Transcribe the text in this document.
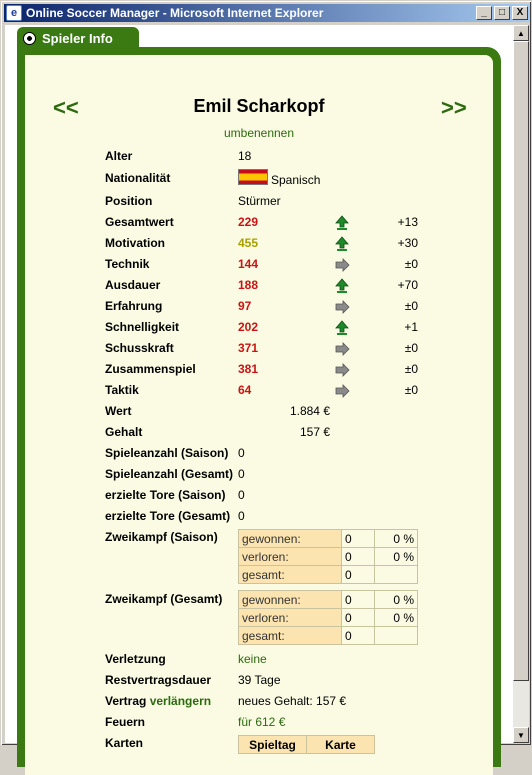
e Online Soccer Manager - Microsoft Internet Explorer	_	□	X
Spieler Info
<<	Emil Scharkopf	>>
umbenennen
Alter	18
Nationalität	Spanisch
Position	Stürmer
Gesamtwert	229	+13
Motivation	455	+30
Technik	144	±0
Ausdauer	188	+70
Erfahrung	97	±0
Schnelligkeit	202	+1
Schusskraft	371	±0
Zusammenspiel	381	±0
Taktik	64	±0
Wert	1.884 €
Gehalt	157 €
Spieleanzahl (Saison) 0
Spieleanzahl (Gesamt) 0
erzielte Tore (Saison) 0
erzielte Tore (Gesamt) 0
Zweikampf (Saison) gewonnen:	0	0 %
verloren:	0	0 %
gesamt:	0	
Zweikampf (Gesamt) gewonnen:	0	0 %
verloren:	0	0 %
gesamt:	0	
Verletzung	keine
Restvertragsdauer 39 Tage
Vertrag verlängern neues Gehalt: 157 €
Feuern	für 612 €
Karten	Spieltag	Karte
▲
▼
